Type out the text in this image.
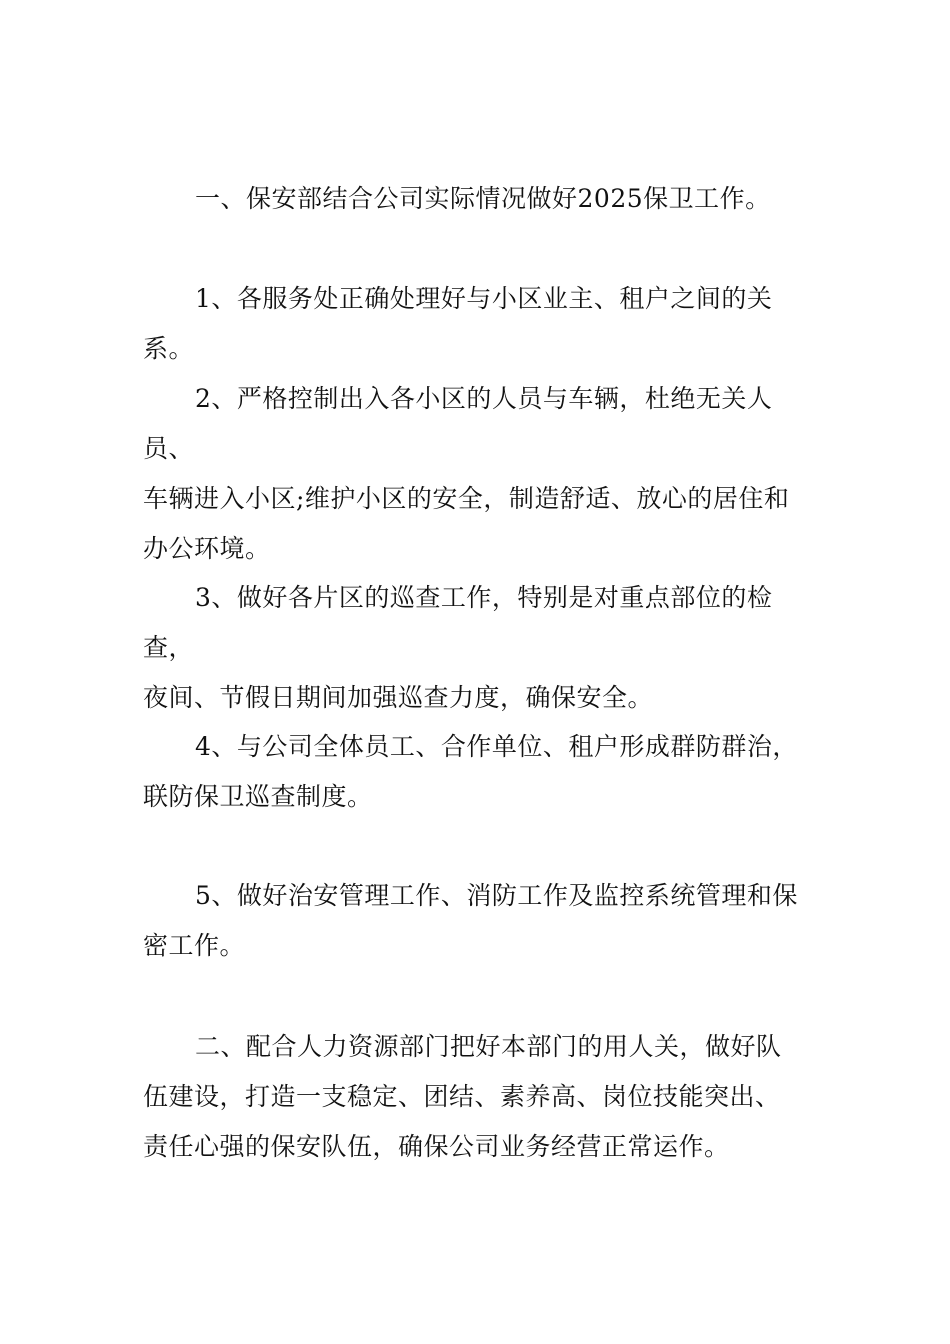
一、保安部结合公司实际情况做好2025保卫工作。

1、各服务处正确处理好与小区业主、租户之间的关系。

2、严格控制出入各小区的人员与车辆，杜绝无关人员、
车辆进入小区;维护小区的安全，制造舒适、放心的居住和
办公环境。

3、做好各片区的巡查工作，特别是对重点部位的检查，
夜间、节假日期间加强巡查力度，确保安全。

4、与公司全体员工、合作单位、租户形成群防群治，
联防保卫巡查制度。

5、做好治安管理工作、消防工作及监控系统管理和保
密工作。

二、配合人力资源部门把好本部门的用人关，做好队
伍建设，打造一支稳定、团结、素养高、岗位技能突出、
责任心强的保安队伍，确保公司业务经营正常运作。
